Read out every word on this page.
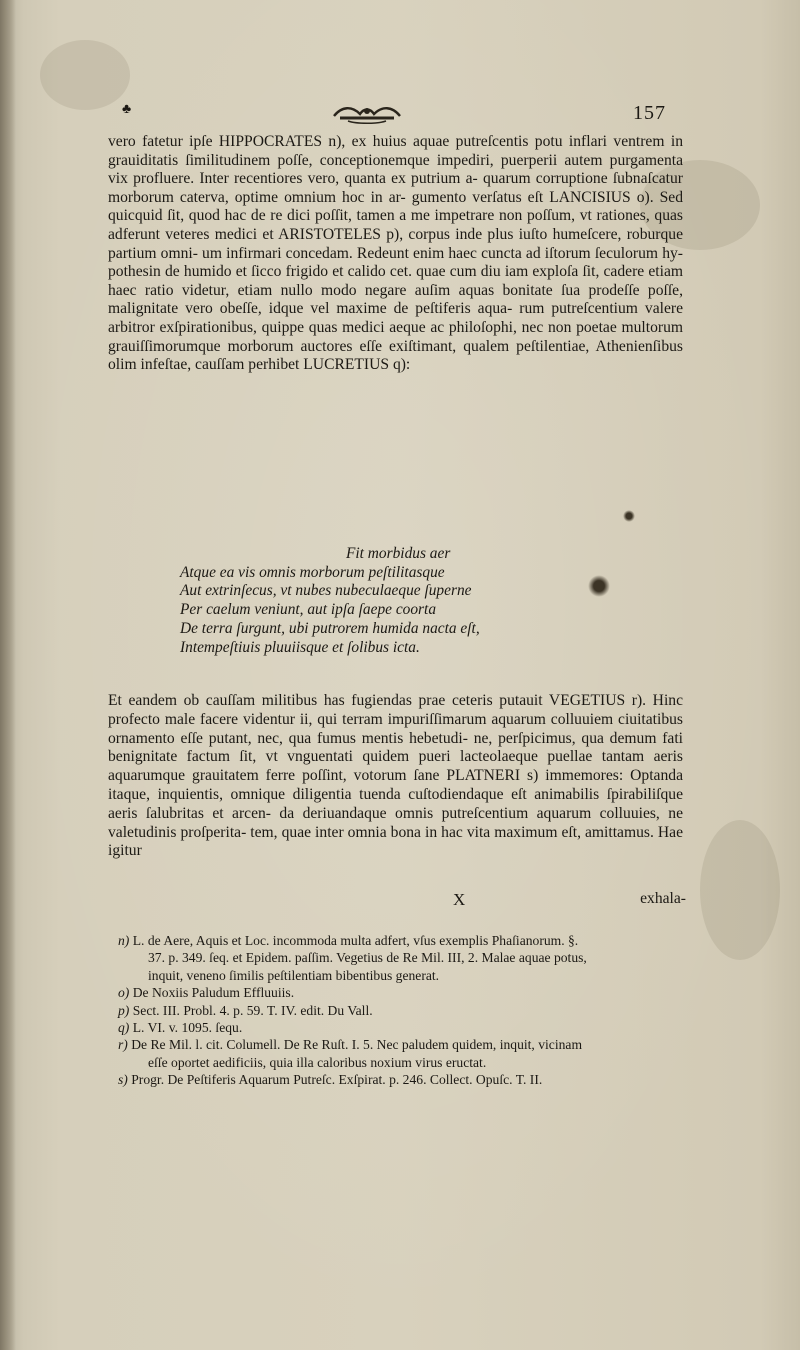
♣	157

vero fatetur ipſe HIPPOCRATES n), ex huius aquae putreſcentis potu inflari ventrem in grauiditatis ſimilitudinem poſſe, conceptionemque impediri, puerperii autem purgamenta vix profluere. Inter recentiores vero, quanta ex putrium a- quarum corruptione ſubnaſcatur morborum caterva, optime omnium hoc in ar- gumento verſatus eſt LANCISIUS o). Sed quicquid ſit, quod hac de re dici poſſit, tamen a me impetrare non poſſum, vt rationes, quas adferunt veteres medici et ARISTOTELES p), corpus inde plus iuſto humeſcere, roburque partium omni- um infirmari concedam. Redeunt enim haec cuncta ad iſtorum ſeculorum hy- pothesin de humido et ſicco frigido et calido cet. quae cum diu iam exploſa ſit, cadere etiam haec ratio videtur, etiam nullo modo negare auſim aquas bonitate ſua prodeſſe poſſe, malignitate vero obeſſe, idque vel maxime de peſtiferis aqua- rum putreſcentium valere arbitror exſpirationibus, quippe quas medici aeque ac philoſophi, nec non poetae multorum grauiſſimorumque morborum auctores eſſe exiſtimant, qualem peſtilentiae, Athenienſibus olim infeſtae, cauſſam perhibet LUCRETIUS q):

Fit morbidus aer
Atque ea vis omnis morborum peſtilitasque
Aut extrinſecus, vt nubes nubeculaeque ſuperne
Per caelum veniunt, aut ipſa ſaepe coorta
De terra ſurgunt, ubi putrorem humida nacta eſt,
Intempeſtiuis pluuiisque et ſolibus icta.

Et eandem ob cauſſam militibus has fugiendas prae ceteris putauit VEGETIUS r). Hinc profecto male facere videntur ii, qui terram impuriſſimarum aquarum colluuiem ciuitatibus ornamento eſſe putant, nec, qua fumus mentis hebetudi- ne, perſpicimus, qua demum fati benignitate factum ſit, vt vnguentati quidem pueri lacteolaeque puellae tantam aeris aquarumque grauitatem ferre poſſint, votorum ſane PLATNERI s) immemores: Optanda itaque, inquientis, omnique diligentia tuenda cuſtodiendaque eſt animabilis ſpirabiliſque aeris ſalubritas et arcen- da deriuandaque omnis putreſcentium aquarum colluuies, ne valetudinis proſperita- tem, quae inter omnia bona in hac vita maximum eſt, amittamus. Hae igitur

X	exhala-

n) L. de Aere, Aquis et Loc. incommoda multa adfert, vſus exemplis Phaſianorum. §.

37. p. 349. ſeq. et Epidem. paſſim. Vegetius de Re Mil. III, 2. Malae aquae potus,

inquit, veneno ſimilis peſtilentiam bibentibus generat.

o) De Noxiis Paludum Effluuiis.

p) Sect. III. Probl. 4. p. 59. T. IV. edit. Du Vall.

q) L. VI. v. 1095. ſequ.

r) De Re Mil. l. cit. Columell. De Re Ruſt. I. 5. Nec paludem quidem, inquit, vicinam

eſſe oportet aedificiis, quia illa caloribus noxium virus eructat.

s) Progr. De Peſtiferis Aquarum Putreſc. Exſpirat. p. 246. Collect. Opuſc. T. II.
